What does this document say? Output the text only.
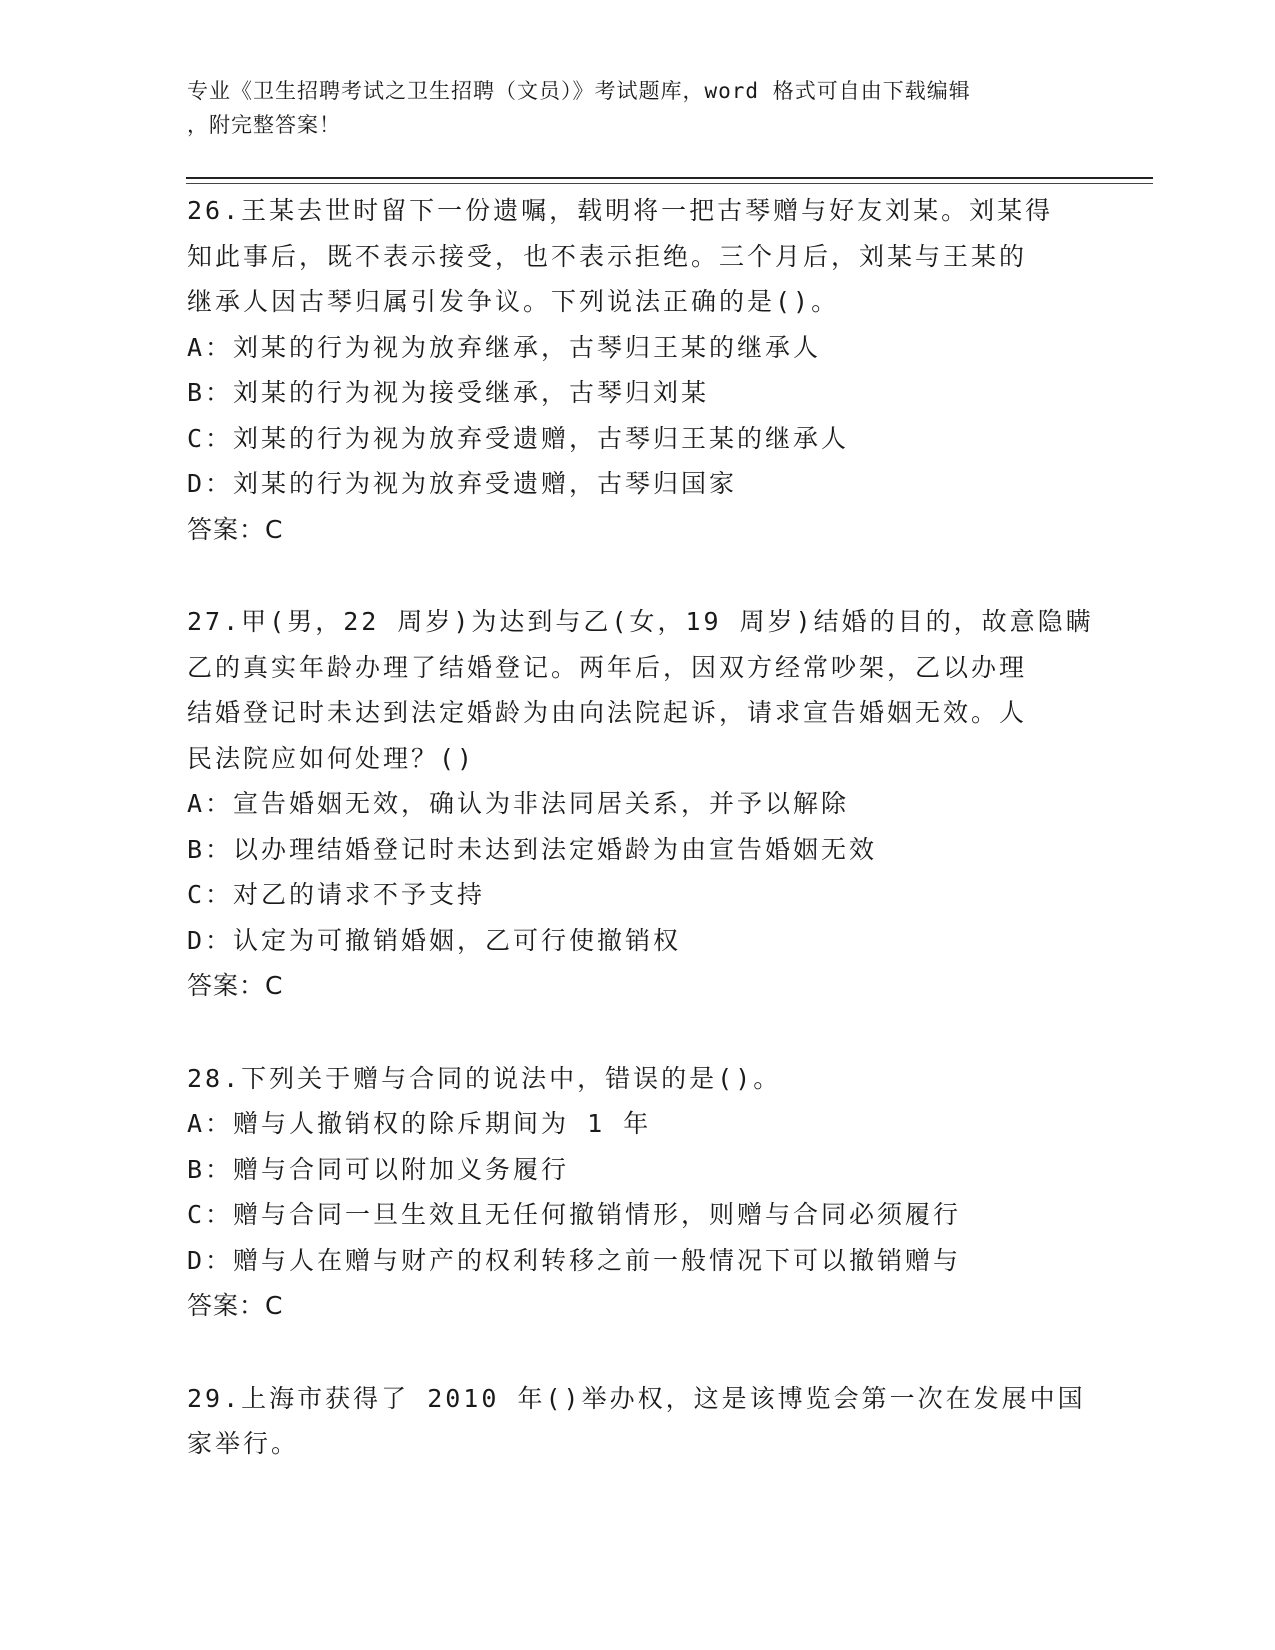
专业《卫生招聘考试之卫生招聘（文员）》考试题库，word 格式可自由下载编辑
，附完整答案！
26.王某去世时留下一份遗嘱，载明将一把古琴赠与好友刘某。刘某得
知此事后，既不表示接受，也不表示拒绝。三个月后，刘某与王某的
继承人因古琴归属引发争议。下列说法正确的是()。
A：刘某的行为视为放弃继承，古琴归王某的继承人
B：刘某的行为视为接受继承，古琴归刘某
C：刘某的行为视为放弃受遗赠，古琴归王某的继承人
D：刘某的行为视为放弃受遗赠，古琴归国家
答案：C
27.甲(男，22 周岁)为达到与乙(女，19 周岁)结婚的目的，故意隐瞒
乙的真实年龄办理了结婚登记。两年后，因双方经常吵架，乙以办理
结婚登记时未达到法定婚龄为由向法院起诉，请求宣告婚姻无效。人
民法院应如何处理？()
A：宣告婚姻无效，确认为非法同居关系，并予以解除
B：以办理结婚登记时未达到法定婚龄为由宣告婚姻无效
C：对乙的请求不予支持
D：认定为可撤销婚姻，乙可行使撤销权
答案：C
28.下列关于赠与合同的说法中，错误的是()。
A：赠与人撤销权的除斥期间为 1 年
B：赠与合同可以附加义务履行
C：赠与合同一旦生效且无任何撤销情形，则赠与合同必须履行
D：赠与人在赠与财产的权利转移之前一般情况下可以撤销赠与
答案：C
29.上海市获得了 2010 年()举办权，这是该博览会第一次在发展中国
家举行。
